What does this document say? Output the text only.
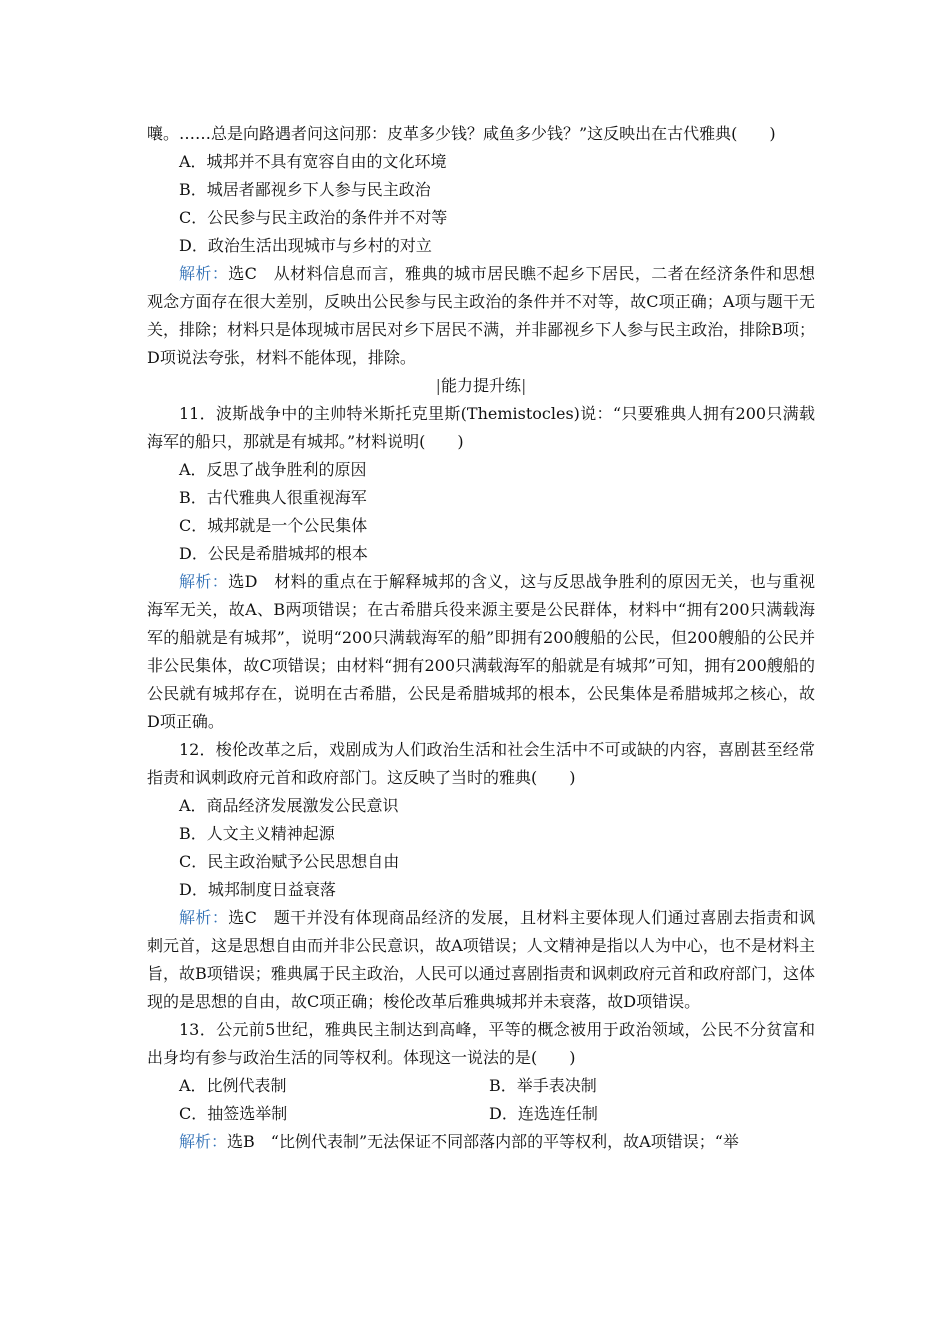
嚷。……总是向路遇者问这问那：皮革多少钱？咸鱼多少钱？”这反映出在古代雅典(　　)

A．城邦并不具有宽容自由的文化环境

B．城居者鄙视乡下人参与民主政治

C．公民参与民主政治的条件并不对等

D．政治生活出现城市与乡村的对立

解析：选C　从材料信息而言，雅典的城市居民瞧不起乡下居民，二者在经济条件和思想观念方面存在很大差别，反映出公民参与民主政治的条件并不对等，故C项正确；A项与题干无关，排除；材料只是体现城市居民对乡下居民不满，并非鄙视乡下人参与民主政治，排除B项；D项说法夸张，材料不能体现，排除。

|能力提升练|

11．波斯战争中的主帅特米斯托克里斯(Themistocles)说：“只要雅典人拥有200只满载海军的船只，那就是有城邦。”材料说明(　　)

A．反思了战争胜利的原因

B．古代雅典人很重视海军

C．城邦就是一个公民集体

D．公民是希腊城邦的根本

解析：选D　材料的重点在于解释城邦的含义，这与反思战争胜利的原因无关，也与重视海军无关，故A、B两项错误；在古希腊兵役来源主要是公民群体，材料中“拥有200只满载海军的船就是有城邦”，说明“200只满载海军的船”即拥有200艘船的公民，但200艘船的公民并非公民集体，故C项错误；由材料“拥有200只满载海军的船就是有城邦”可知，拥有200艘船的公民就有城邦存在，说明在古希腊，公民是希腊城邦的根本，公民集体是希腊城邦之核心，故D项正确。

12．梭伦改革之后，戏剧成为人们政治生活和社会生活中不可或缺的内容，喜剧甚至经常指责和讽刺政府元首和政府部门。这反映了当时的雅典(　　)

A．商品经济发展激发公民意识

B．人文主义精神起源

C．民主政治赋予公民思想自由

D．城邦制度日益衰落

解析：选C　题干并没有体现商品经济的发展，且材料主要体现人们通过喜剧去指责和讽刺元首，这是思想自由而并非公民意识，故A项错误；人文精神是指以人为中心，也不是材料主旨，故B项错误；雅典属于民主政治，人民可以通过喜剧指责和讽刺政府元首和政府部门，这体现的是思想的自由，故C项正确；梭伦改革后雅典城邦并未衰落，故D项错误。

13．公元前5世纪，雅典民主制达到高峰，平等的概念被用于政治领域，公民不分贫富和出身均有参与政治生活的同等权利。体现这一说法的是(　　)

A．比例代表制	B．举手表决制
C．抽签选举制	D．连选连任制

解析：选B　“比例代表制”无法保证不同部落内部的平等权利，故A项错误；“举
